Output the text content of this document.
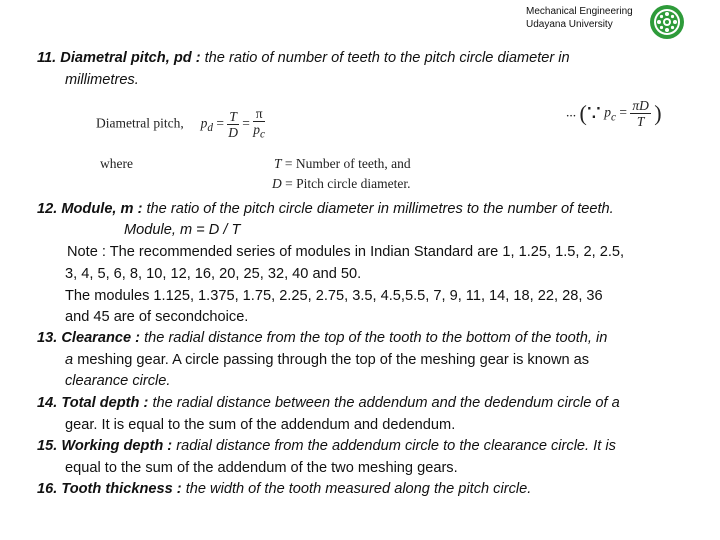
Mechanical Engineering
Udayana University
11. Diametral pitch, pd : the ratio of number of teeth to the pitch circle diameter in
millimetres.
Diametral pitch, $p_d = \frac{T}{D} = \frac{\pi}{p_c}$	... (∵ $p_c = \frac{\pi D}{T}$ )
where	T = Number of teeth, and
D = Pitch circle diameter.
12. Module, m : the ratio of the pitch circle diameter in millimetres to the number of teeth.
Module, m = D / T
Note : The recommended series of modules in Indian Standard are 1, 1.25, 1.5, 2, 2.5,
3, 4, 5, 6, 8, 10, 12, 16, 20, 25, 32, 40 and 50.
The modules 1.125, 1.375, 1.75, 2.25, 2.75, 3.5, 4.5,5.5, 7, 9, 11, 14, 18, 22, 28, 36
and 45 are of secondchoice.
13. Clearance : the radial distance from the top of the tooth to the bottom of the tooth, in
a meshing gear. A circle passing through the top of the meshing gear is known as
clearance circle.
14. Total depth : the radial distance between the addendum and the dedendum circle of a
gear. It is equal to the sum of the addendum and dedendum.
15. Working depth : radial distance from the addendum circle to the clearance circle. It is
equal to the sum of the addendum of the two meshing gears.
16. Tooth thickness : the width of the tooth measured along the pitch circle.
